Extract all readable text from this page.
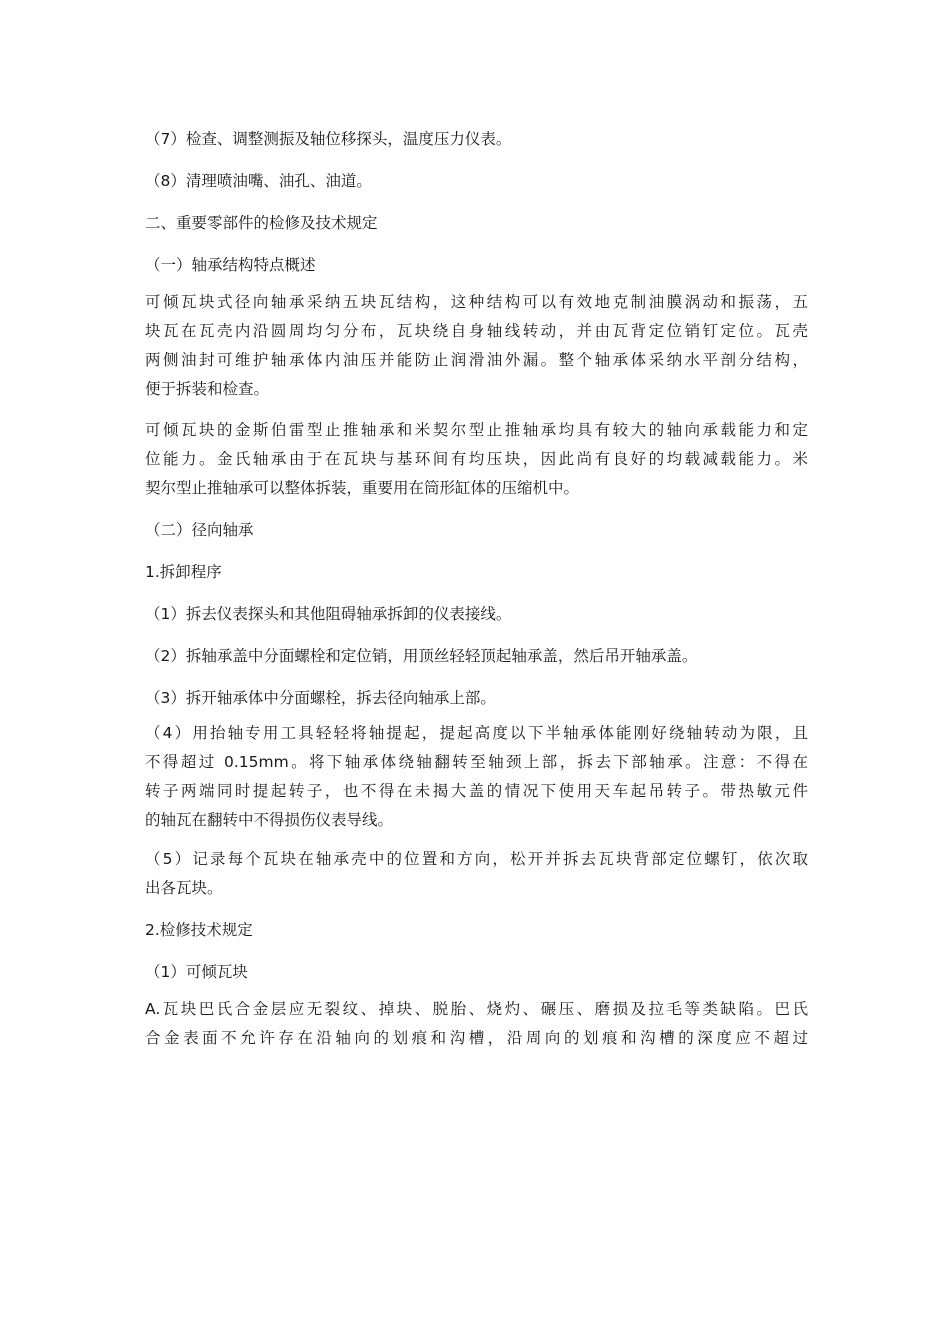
（7）检查、调整测振及轴位移探头，温度压力仪表。

（8）清理喷油嘴、油孔、油道。

二、重要零部件的检修及技术规定

（一）轴承结构特点概述

可倾瓦块式径向轴承采纳五块瓦结构，这种结构可以有效地克制油膜涡动和振荡，五
块瓦在瓦壳内沿圆周均匀分布，瓦块绕自身轴线转动，并由瓦背定位销钉定位。瓦壳
两侧油封可维护轴承体内油压并能防止润滑油外漏。整个轴承体采纳水平剖分结构，
便于拆装和检查。
可倾瓦块的金斯伯雷型止推轴承和米契尔型止推轴承均具有较大的轴向承载能力和定
位能力。金氏轴承由于在瓦块与基环间有均压块，因此尚有良好的均载减载能力。米
契尔型止推轴承可以整体拆装，重要用在筒形缸体的压缩机中。

（二）径向轴承

1.拆卸程序

（1）拆去仪表探头和其他阻碍轴承拆卸的仪表接线。

（2）拆轴承盖中分面螺栓和定位销，用顶丝轻轻顶起轴承盖，然后吊开轴承盖。

（3）拆开轴承体中分面螺栓，拆去径向轴承上部。

（4）用抬轴专用工具轻轻将轴提起，提起高度以下半轴承体能刚好绕轴转动为限，且
不得超过 0.15mm。将下轴承体绕轴翻转至轴颈上部，拆去下部轴承。注意：不得在
转子两端同时提起转子，也不得在未揭大盖的情况下使用天车起吊转子。带热敏元件
的轴瓦在翻转中不得损伤仪表导线。
（5）记录每个瓦块在轴承壳中的位置和方向，松开并拆去瓦块背部定位螺钉，依次取
出各瓦块。

2.检修技术规定

（1）可倾瓦块

A.瓦块巴氏合金层应无裂纹、掉块、脱胎、烧灼、碾压、磨损及拉毛等类缺陷。巴氏
合金表面不允许存在沿轴向的划痕和沟槽，沿周向的划痕和沟槽的深度应不超过
